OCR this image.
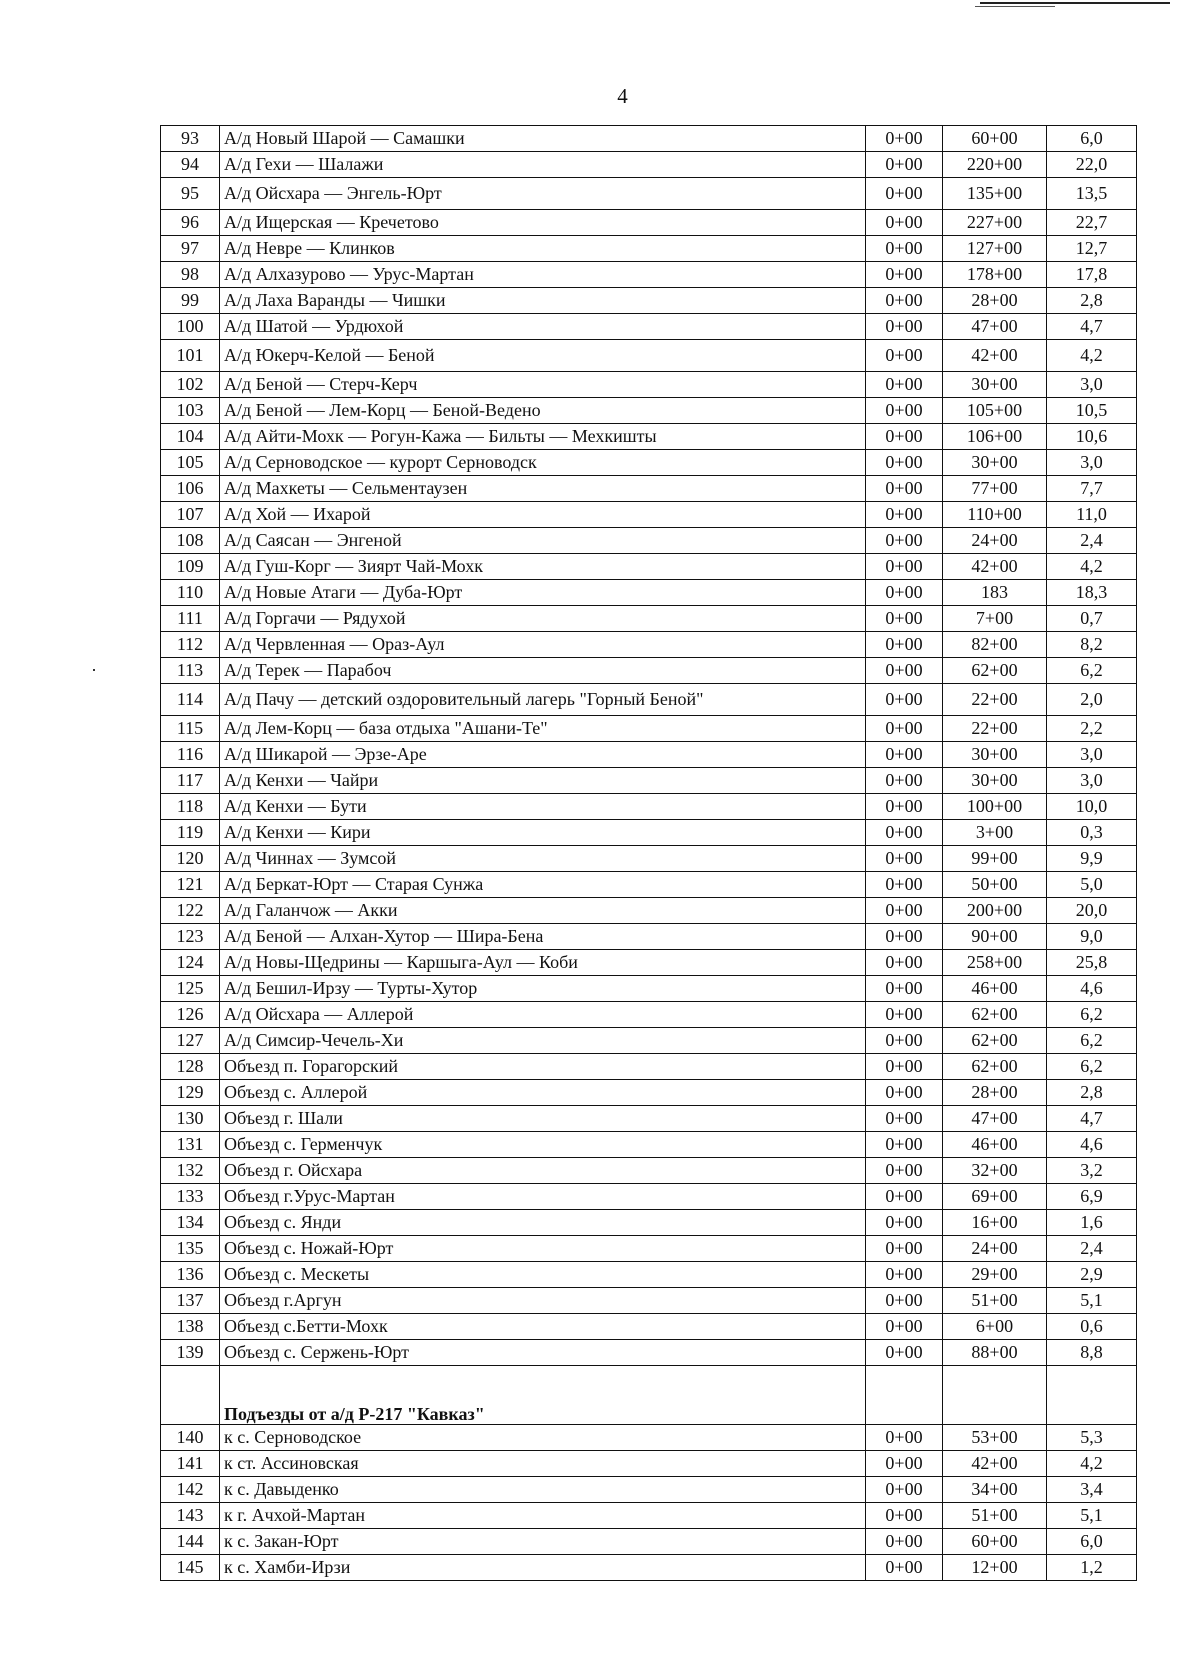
4
93	А/д Новый Шарой — Самашки	0+00	60+00	6,0
94	А/д Гехи — Шалажи	0+00	220+00	22,0
95	А/д Ойсхара — Энгель-Юрт	0+00	135+00	13,5
96	А/д Ищерская — Кречетово	0+00	227+00	22,7
97	А/д Невре — Клинков	0+00	127+00	12,7
98	А/д Алхазурово — Урус-Мартан	0+00	178+00	17,8
99	А/д Лаха Варанды — Чишки	0+00	28+00	2,8
100	А/д Шатой — Урдюхой	0+00	47+00	4,7
101	А/д Юкерч-Келой — Беной	0+00	42+00	4,2
102	А/д Беной — Стерч-Керч	0+00	30+00	3,0
103	А/д Беной — Лем-Корц — Беной-Ведено	0+00	105+00	10,5
104	А/д Айти-Мохк — Рогун-Кажа — Бильты — Мехкишты	0+00	106+00	10,6
105	А/д Серноводское — курорт Серноводск	0+00	30+00	3,0
106	А/д Махкеты — Сельментаузен	0+00	77+00	7,7
107	А/д Хой — Ихарой	0+00	110+00	11,0
108	А/д Саясан — Энгеной	0+00	24+00	2,4
109	А/д Гуш-Корг — Зиярт Чай-Мохк	0+00	42+00	4,2
110	А/д Новые Атаги — Дуба-Юрт	0+00	183	18,3
111	А/д Горгачи — Рядухой	0+00	7+00	0,7
112	А/д Червленная — Ораз-Аул	0+00	82+00	8,2
113	А/д Терек — Парабоч	0+00	62+00	6,2
114	А/д Пачу — детский оздоровительный лагерь "Горный Беной"	0+00	22+00	2,0
115	А/д Лем-Корц — база отдыха "Ашани-Те"	0+00	22+00	2,2
116	А/д Шикарой — Эрзе-Аре	0+00	30+00	3,0
117	А/д Кенхи — Чайри	0+00	30+00	3,0
118	А/д Кенхи — Бути	0+00	100+00	10,0
119	А/д Кенхи — Кири	0+00	3+00	0,3
120	А/д Чиннах — Зумсой	0+00	99+00	9,9
121	А/д Беркат-Юрт — Старая Сунжа	0+00	50+00	5,0
122	А/д Галанчож — Акки	0+00	200+00	20,0
123	А/д Беной — Алхан-Хутор — Шира-Бена	0+00	90+00	9,0
124	А/д Новы-Щедрины — Каршыга-Аул — Коби	0+00	258+00	25,8
125	А/д Бешил-Ирзу — Турты-Хутор	0+00	46+00	4,6
126	А/д Ойсхара — Аллерой	0+00	62+00	6,2
127	А/д Симсир-Чечель-Хи	0+00	62+00	6,2
128	Объезд п. Горагорский	0+00	62+00	6,2
129	Объезд с. Аллерой	0+00	28+00	2,8
130	Объезд г. Шали	0+00	47+00	4,7
131	Объезд с. Герменчук	0+00	46+00	4,6
132	Объезд г. Ойсхара	0+00	32+00	3,2
133	Объезд г.Урус-Мартан	0+00	69+00	6,9
134	Объезд с. Янди	0+00	16+00	1,6
135	Объезд с. Ножай-Юрт	0+00	24+00	2,4
136	Объезд с. Мескеты	0+00	29+00	2,9
137	Объезд г.Аргун	0+00	51+00	5,1
138	Объезд с.Бетти-Мохк	0+00	6+00	0,6
139	Объезд с. Сержень-Юрт	0+00	88+00	8,8
	Подъезды от а/д Р-217 "Кавказ"			
140	к с. Серноводское	0+00	53+00	5,3
141	к ст. Ассиновская	0+00	42+00	4,2
142	к с. Давыденко	0+00	34+00	3,4
143	к г. Ачхой-Мартан	0+00	51+00	5,1
144	к с. Закан-Юрт	0+00	60+00	6,0
145	к с. Хамби-Ирзи	0+00	12+00	1,2
